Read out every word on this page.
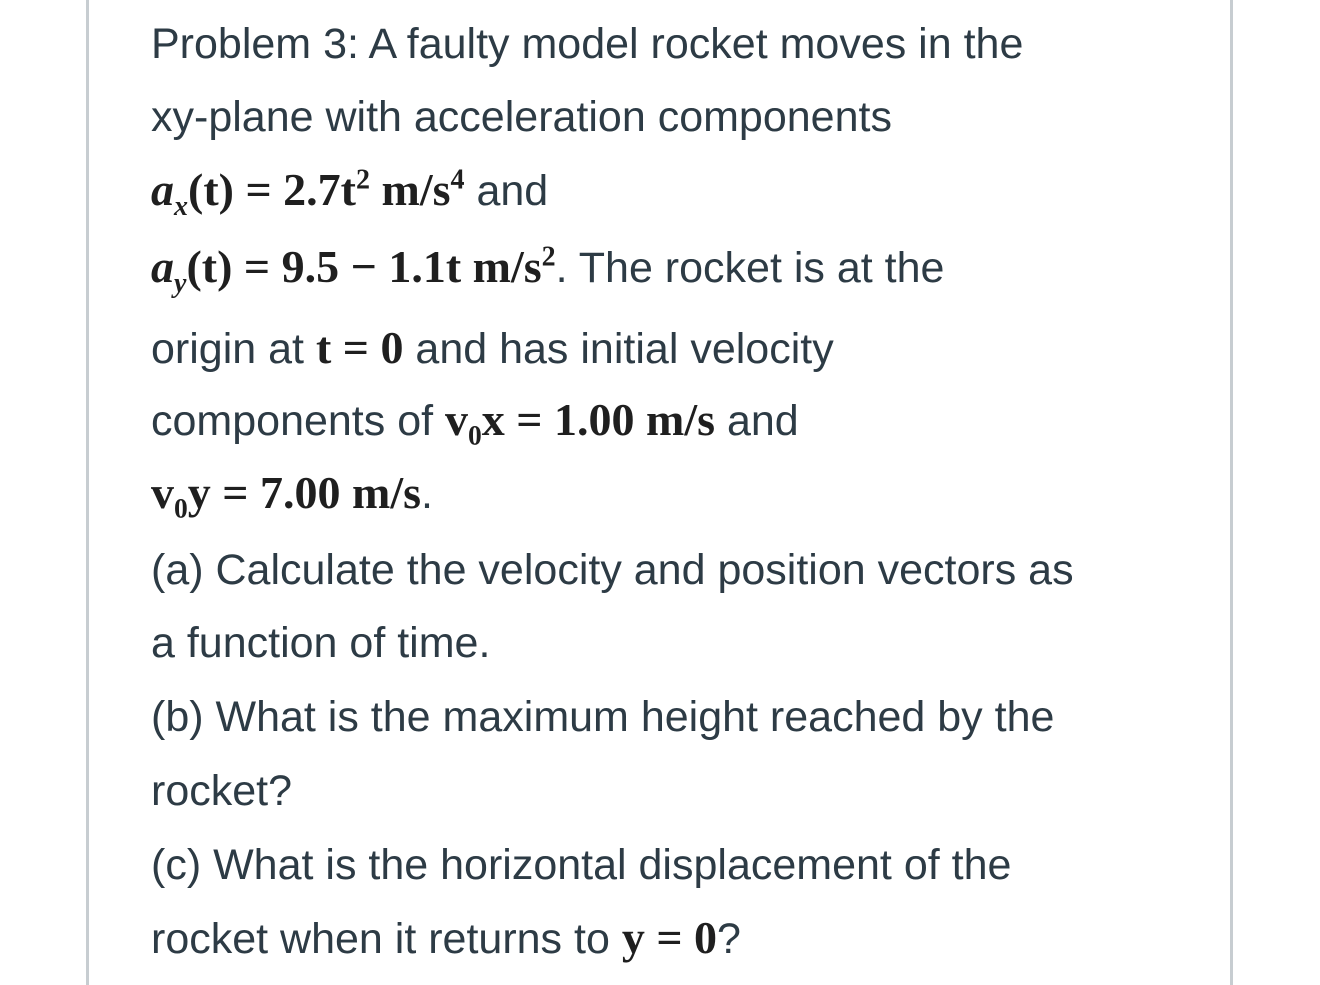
Problem 3: A faulty model rocket moves in the
xy-plane with acceleration components
$a_x(t) = 2.7t^2$ $m/s^4$ and
$a_y(t) = 9.5 - 1.1t$ $m/s^2$. The rocket is at the
origin at t = 0 and has initial velocity
components of v₀x = 1.00 m/s and
v₀y = 7.00 m/s.
(a) Calculate the velocity and position vectors as
a function of time.
(b) What is the maximum height reached by the
rocket?
(c) What is the horizontal displacement of the
rocket when it returns to y = 0?
